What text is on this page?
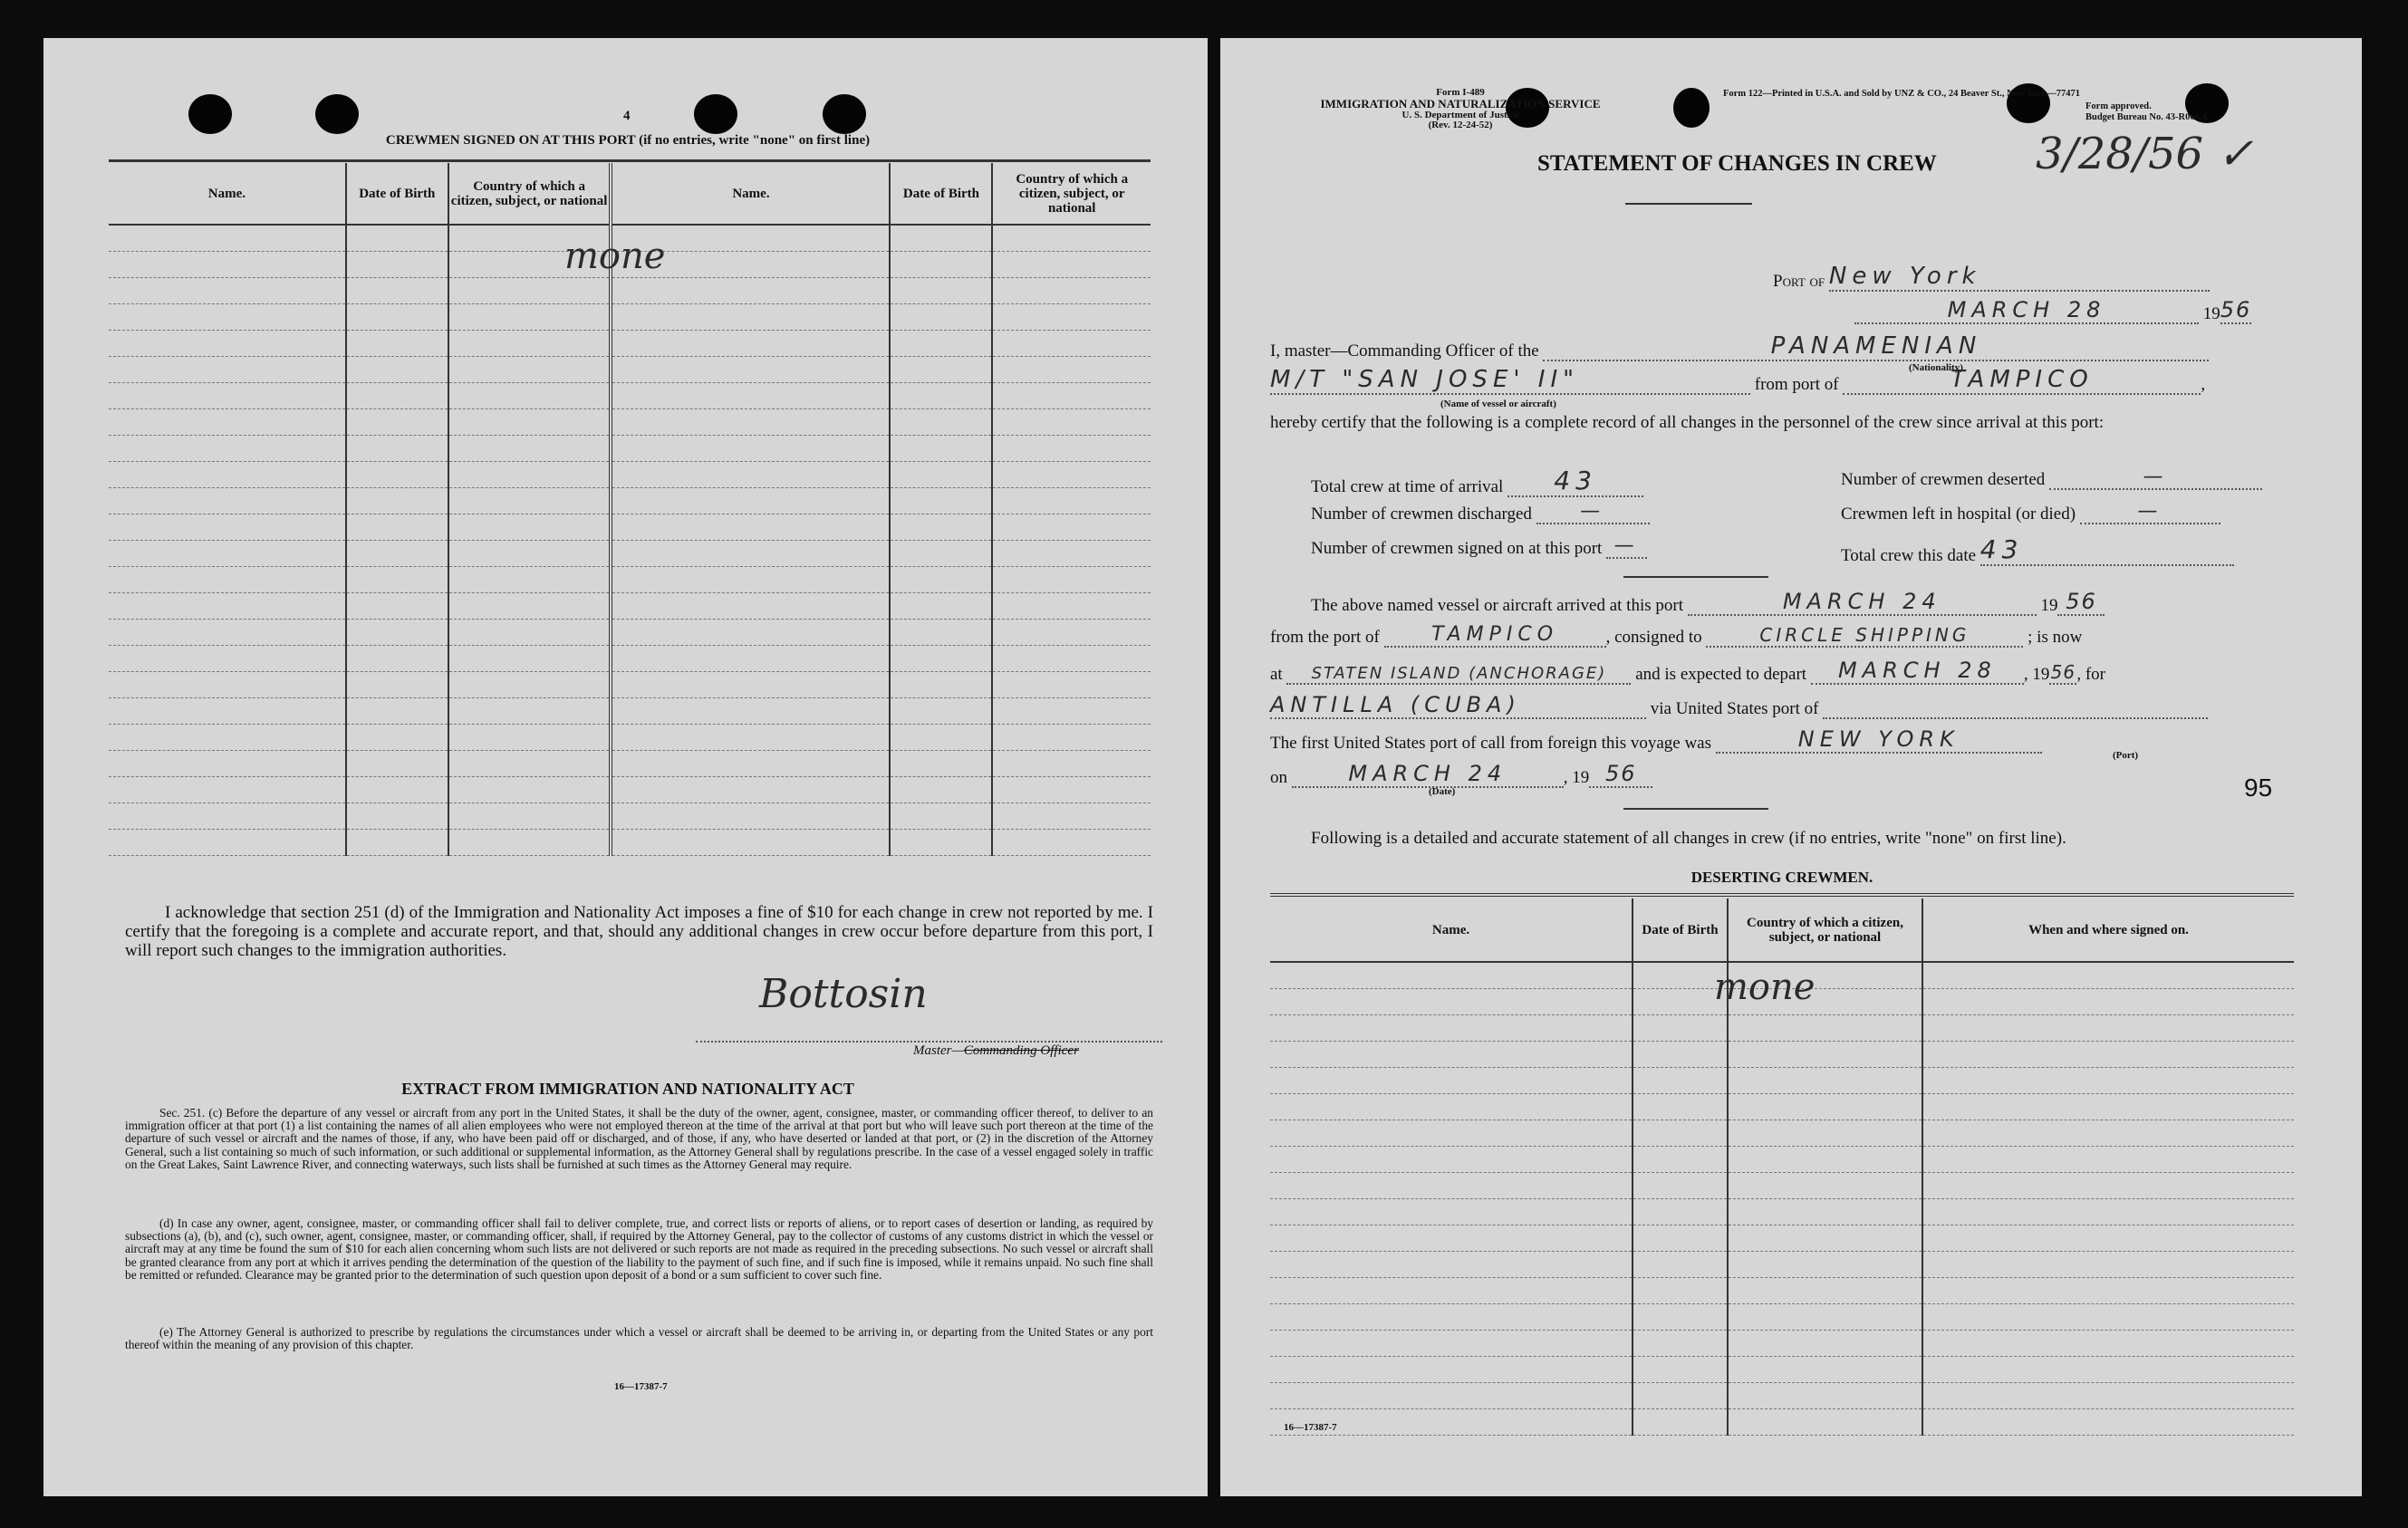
4
CREWMEN SIGNED ON AT THIS PORT (if no entries, write "none" on first line)
Name.	Date of Birth	Country of which a citizen, subject, or national	Name.	Date of Birth	Country of which a citizen, subject, or national

mone
I acknowledge that section 251 (d) of the Immigration and Nationality Act imposes a fine of $10 for each change in crew not reported by me. I certify that the foregoing is a complete and accurate report, and that, should any additional changes in crew occur before departure from this port, I will report such changes to the immigration authorities.
Bottosin
Master—Commanding Officer
EXTRACT FROM IMMIGRATION AND NATIONALITY ACT
Sec. 251. (c) Before the departure of any vessel or aircraft from any port in the United States, it shall be the duty of the owner, agent, consignee, master, or commanding officer thereof, to deliver to an immigration officer at that port (1) a list containing the names of all alien employees who were not employed thereon at the time of the arrival at that port but who will leave such port thereon at the time of the departure of such vessel or aircraft and the names of those, if any, who have been paid off or discharged, and of those, if any, who have deserted or landed at that port, or (2) in the discretion of the Attorney General, such a list containing so much of such information, or such additional or supplemental information, as the Attorney General shall by regulations prescribe. In the case of a vessel engaged solely in traffic on the Great Lakes, Saint Lawrence River, and connecting waterways, such lists shall be furnished at such times as the Attorney General may require.
(d) In case any owner, agent, consignee, master, or commanding officer shall fail to deliver complete, true, and correct lists or reports of aliens, or to report cases of desertion or landing, as required by subsections (a), (b), and (c), such owner, agent, consignee, master, or commanding officer, shall, if required by the Attorney General, pay to the collector of customs of any customs district in which the vessel or aircraft may at any time be found the sum of $10 for each alien concerning whom such lists are not delivered or such reports are not made as required in the preceding subsections. No such vessel or aircraft shall be granted clearance from any port at which it arrives pending the determination of the question of the liability to the payment of such fine, and if such fine is imposed, while it remains unpaid. No such fine shall be remitted or refunded. Clearance may be granted prior to the determination of such question upon deposit of a bond or a sum sufficient to cover such fine.
(e) The Attorney General is authorized to prescribe by regulations the circumstances under which a vessel or aircraft shall be deemed to be arriving in, or departing from the United States or any port thereof within the meaning of any provision of this chapter.
16—17387-7
Form I-489
IMMIGRATION AND NATURALIZATION SERVICE
U. S. Department of Justice
(Rev. 12-24-52)
Form 122—Printed in U.S.A. and Sold by UNZ & CO., 24 Beaver St., New York—77471
Form approved.
Budget Bureau No. 43-R066.4.
STATEMENT OF CHANGES IN CREW 3/28/56 ✓
Port of New York
MARCH 28	1956
I, master—Commanding Officer of the	PANAMENIAN
(Nationality)
M/T "SAN JOSE' II"	from port of	TAMPICO	,
(Name of vessel or aircraft)
hereby certify that the following is a complete record of all changes in the personnel of the crew since arrival at this port:
Total crew at time of arrival 43	Number of crewmen deserted	—
Number of crewmen discharged —	Crewmen left in hospital (or died)	—
Number of crewmen signed on at this port —	Total crew this date 43
The above named vessel or aircraft arrived at this port	MARCH 24	19 56
from the port of	TAMPICO	, consigned to	CIRCLE SHIPPING	; is now
at STATEN ISLAND (ANCHORAGE) and is expected to depart MARCH 28 , 1956, for
ANTILLA (CUBA)	via United States port of
The first United States port of call from foreign this voyage was	NEW YORK
(Port)
on	MARCH 24	, 19 56
(Date)	95
Following is a detailed and accurate statement of all changes in crew (if no entries, write "none" on first line).
DESERTING CREWMEN.
Name.	Date of Birth	Country of which a citizen, subject, or national	When and where signed on.

mone
16—17387-7
